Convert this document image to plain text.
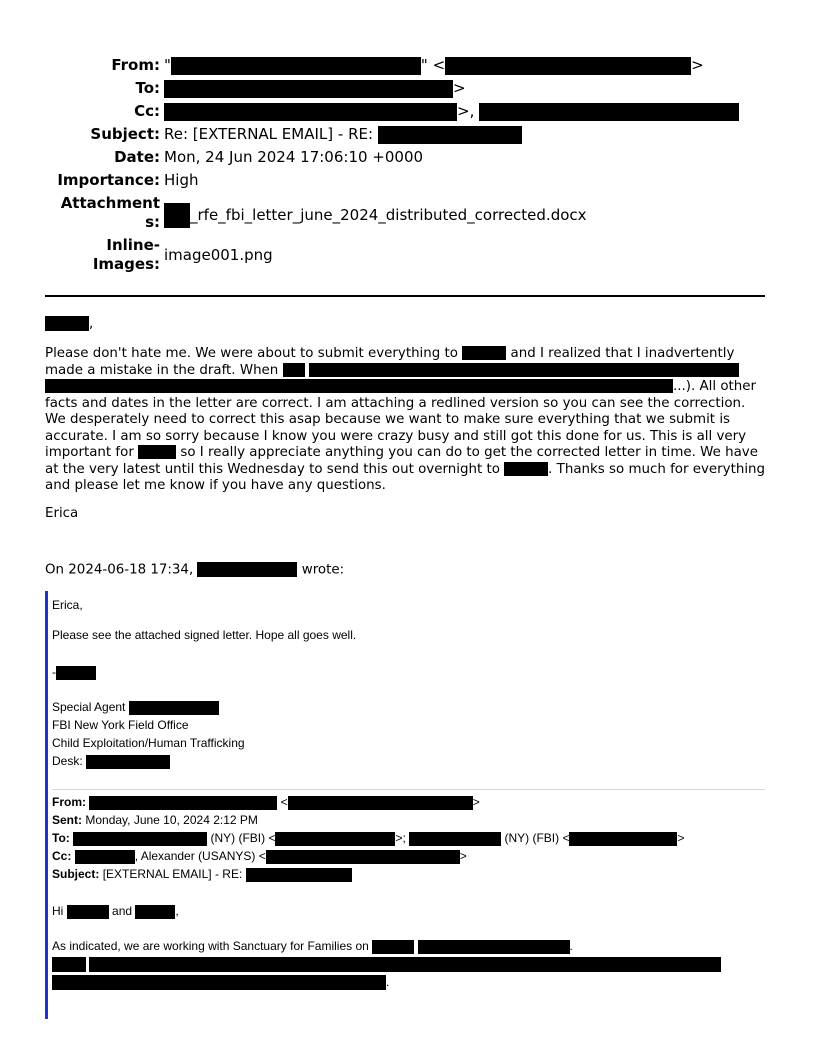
From: "	" <	>
To:	>
Cc:	>,
Subject: Re: [EXTERNAL EMAIL] - RE:
Date: Mon, 24 Jun 2024 17:06:10 +0000
Importance: High
Attachment
s:	_rfe_fbi_letter_june_2024_distributed_corrected.docx
Inline-
Images: image001.png
,
Please don't hate me. We were about to submit everything to	and I realized that I inadvertently made a mistake in the draft. When   ...). All other facts and dates in the letter are correct. I am attaching a redlined version so you can see the correction. We desperately need to correct this asap because we want to make sure everything that we submit is accurate. I am so sorry because I know you were crazy busy and still got this done for us. This is all very important for	so I really appreciate anything you can do to get the corrected letter in time. We have at the very latest until this Wednesday to send this out overnight to	. Thanks so much for everything and please let me know if you have any questions.
Erica
On 2024-06-18 17:34,	wrote:
Erica,
Please see the attached signed letter. Hope all goes well.
-
Special Agent
FBI New York Field Office
Child Exploitation/Human Trafficking
Desk:
From:	<	>
Sent: Monday, June 10, 2024 2:12 PM
To:	(NY) (FBI) <	>;	(NY) (FBI) <	>
Cc:	, Alexander (USANYS) <	>
Subject: [EXTERNAL EMAIL] - RE:
Hi	and	,
As indicated, we are working with Sanctuary for Families on	.

.
